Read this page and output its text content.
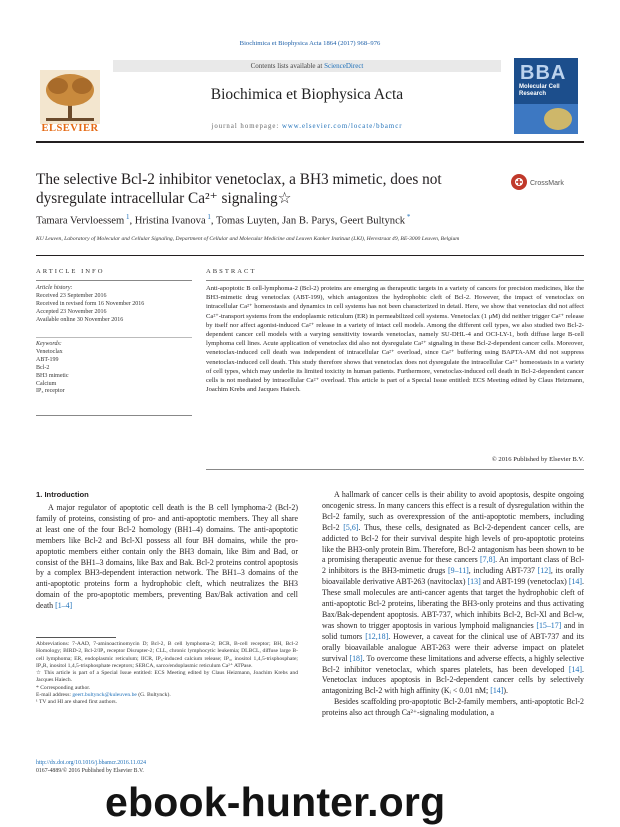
Biochimica et Biophysica Acta 1864 (2017) 968–976
ELSEVIER
Contents lists available at ScienceDirect
Biochimica et Biophysica Acta
journal homepage: www.elsevier.com/locate/bbamcr
BBA
Molecular Cell Research
The selective Bcl-2 inhibitor venetoclax, a BH3 mimetic, does not
dysregulate intracellular Ca²⁺ signaling☆
CrossMark
Tamara Vervloessem $^1$, Hristina Ivanova $^1$, Tomas Luyten, Jan B. Parys, Geert Bultynck *
KU Leuven, Laboratory of Molecular and Cellular Signaling, Department of Cellular and Molecular Medicine and Leuven Kanker Instituut (LKI), Herestraat 49, BE-3000 Leuven, Belgium
ARTICLE INFO
Article history:
Received 23 September 2016
Received in revised form 16 November 2016
Accepted 23 November 2016
Available online 30 November 2016
Keywords:
Venetoclax
ABT-199
Bcl-2
BH3 mimetic
Calcium
IP₃ receptor
ABSTRACT
Anti-apoptotic B cell-lymphoma-2 (Bcl-2) proteins are emerging as therapeutic targets in a variety of cancers for precision medicines, like the BH3-mimetic drug venetoclax (ABT-199), which antagonizes the hydrophobic cleft of Bcl-2. However, the impact of venetoclax on intracellular Ca²⁺ homeostasis and dynamics in cell systems has not been characterized in detail. Here, we show that venetoclax did not affect Ca²⁺-transport systems from the endoplasmic reticulum (ER) in permeabilized cell systems. Venetoclax (1 μM) did neither trigger Ca²⁺ release by itself nor affect agonist-induced Ca²⁺ release in a variety of intact cell models. Among the different cell types, we also studied two Bcl-2-dependent cancer cell models with a varying sensitivity towards venetoclax, namely SU-DHL-4 and OCI-LY-1, both diffuse large B-cell lymphoma cell lines. Acute application of venetoclax did also not dysregulate Ca²⁺ signaling in these Bcl-2-dependent cancer cells. Moreover, venetoclax-induced cell death was independent of intracellular Ca²⁺ overload, since Ca²⁺ buffering using BAPTA-AM did not suppress venetoclax-induced cell death. This study therefore shows that venetoclax does not dysregulate the intracellular Ca²⁺ homeostasis in a variety of cell types, which may underlie its limited toxicity in human patients. Furthermore, venetoclax-induced cell death in Bcl-2-dependent cancer cells is not mediated by intracellular Ca²⁺ overload. This article is part of a Special Issue entitled: ECS Meeting edited by Claus Heizmann, Joachim Krebs and Jacques Haiech.
© 2016 Published by Elsevier B.V.
1. Introduction
A major regulator of apoptotic cell death is the B cell lymphoma-2 (Bcl-2) family of proteins, consisting of pro- and anti-apoptotic members. They all share at least one of the four Bcl-2 homology (BH1–4) domains. The anti-apoptotic members like Bcl-2 and Bcl-Xl possess all four BH domains, while the pro-apoptotic members either contain only the BH3 domain, like Bim and Bad, or consist of the BH1–3 domains, like Bax and Bak. Bcl-2 proteins control apoptosis by a complex BH3-dependent interaction network. The BH1–3 domains of the anti-apoptotic proteins form a hydrophobic cleft, which neutralizes the BH3 domain of the pro-apoptotic members, preventing Bax/Bak activation and cell death [1–4]

A hallmark of cancer cells is their ability to avoid apoptosis, despite ongoing oncogenic stress. In many cancers this effect is a result of dysregulation within the Bcl-2 family, such as overexpression of the anti-apoptotic members, including Bcl-2 [5,6]. Thus, these cells, designated as Bcl-2-dependent cancer cells, are addicted to Bcl-2 for their survival despite high levels of pro-apoptotic proteins like the BH3-only protein Bim. Therefore, Bcl-2 antagonism has been shown to be a promising therapeutic avenue for these cancers [7,8]. An important class of Bcl-2 inhibitors is the BH3-mimetic drugs [9–11], including ABT-737 [12], its orally bioavailable derivative ABT-263 (navitoclax) [13] and ABT-199 (venetoclax) [14]. These small molecules are anti-cancer agents that target the hydrophobic cleft of anti-apoptotic Bcl-2 proteins, liberating the BH3-only proteins and thus activating Bax/Bak-dependent apoptosis. ABT-737, which inhibits Bcl-2, Bcl-Xl and Bcl-w, was shown to trigger apoptosis in various lymphoid malignancies [15–17] and in solid tumors [12,18]. However, a caveat for the clinical use of ABT-737 and its orally bioavailable analogue ABT-263 were their adverse impact on platelet survival [18]. To overcome these limitations and adverse effects, a highly selective Bcl-2 inhibitor venetoclax, which spares platelets, has been developed [14]. Venetoclax induces apoptosis in Bcl-2-dependent cancer cells by selectively antagonizing Bcl-2 with high affinity (Kᵢ < 0.01 nM; [14]).

Besides scaffolding pro-apoptotic Bcl-2-family members, anti-apoptotic Bcl-2 proteins also act through Ca²⁺-signaling modulation, a

Abbreviations: 7-AAD, 7-aminoactinomycin D; Bcl-2, B cell lymphoma-2; BCR, B-cell receptor; BH, Bcl-2 Homology; BIRD-2, Bcl-2/IP₃ receptor Disrupter-2; CLL, chronic lymphocytic leukemia; DLBCL, diffuse large B-cell lymphoma; ER, endoplasmic reticulum; IICR, IP₃-induced calcium release; IP₃, inositol 1,4,5-trisphosphate; IP₃R, inositol 1,4,5-trisphosphate receptors; SERCA, sarco/endoplasmic reticulum Ca²⁺ ATPase.

☆ This article is part of a Special Issue entitled: ECS Meeting edited by Claus Heizmann, Joachim Krebs and Jacques Haiech.

* Corresponding author.

E-mail address: geert.bultynck@kuleuven.be (G. Bultynck).

¹ TV and HI are shared first authors.

http://dx.doi.org/10.1016/j.bbamcr.2016.11.024
0167-4889/© 2016 Published by Elsevier B.V.
ebook-hunter.org
